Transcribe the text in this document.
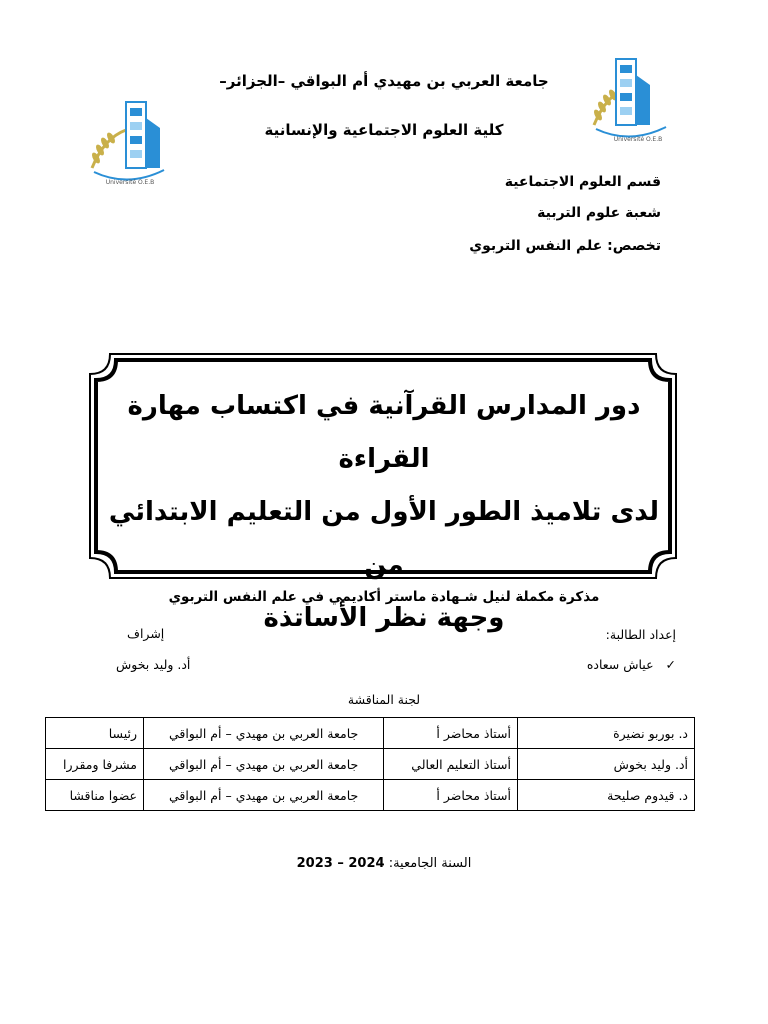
Université O.E.B
Université O.E.B
جامعة العربي بن مهيدي أم البواقي –الجزائر–
كلية العلوم الاجتماعية والإنسانية
قسم العلوم الاجتماعية
شعبة علوم التربية
تخصص: علم النفس التربوي
دور المدارس القرآنية في اكتساب مهارة القراءة
لدى تلاميذ الطور الأول من التعليم الابتدائي من
وجهة نظر الأساتذة
مذكرة مكملة لنيل شـهادة ماستر أكاديمي في علم النفس التربوي
إعداد الطالبة:
إشراف
✓ عياش سعاده
أد. وليد بخوش
لجنة المناقشة
د. بوربو نضيرة	أستاذ محاضر أ	جامعة العربي بن مهيدي – أم البواقي	رئيسا
أد. وليد بخوش	أستاذ التعليم العالي	جامعة العربي بن مهيدي – أم البواقي	مشرفا ومقررا
د. قيدوم صليحة	أستاذ محاضر أ	جامعة العربي بن مهيدي – أم البواقي	عضوا مناقشا
السنة الجامعية: 2023 – 2024
